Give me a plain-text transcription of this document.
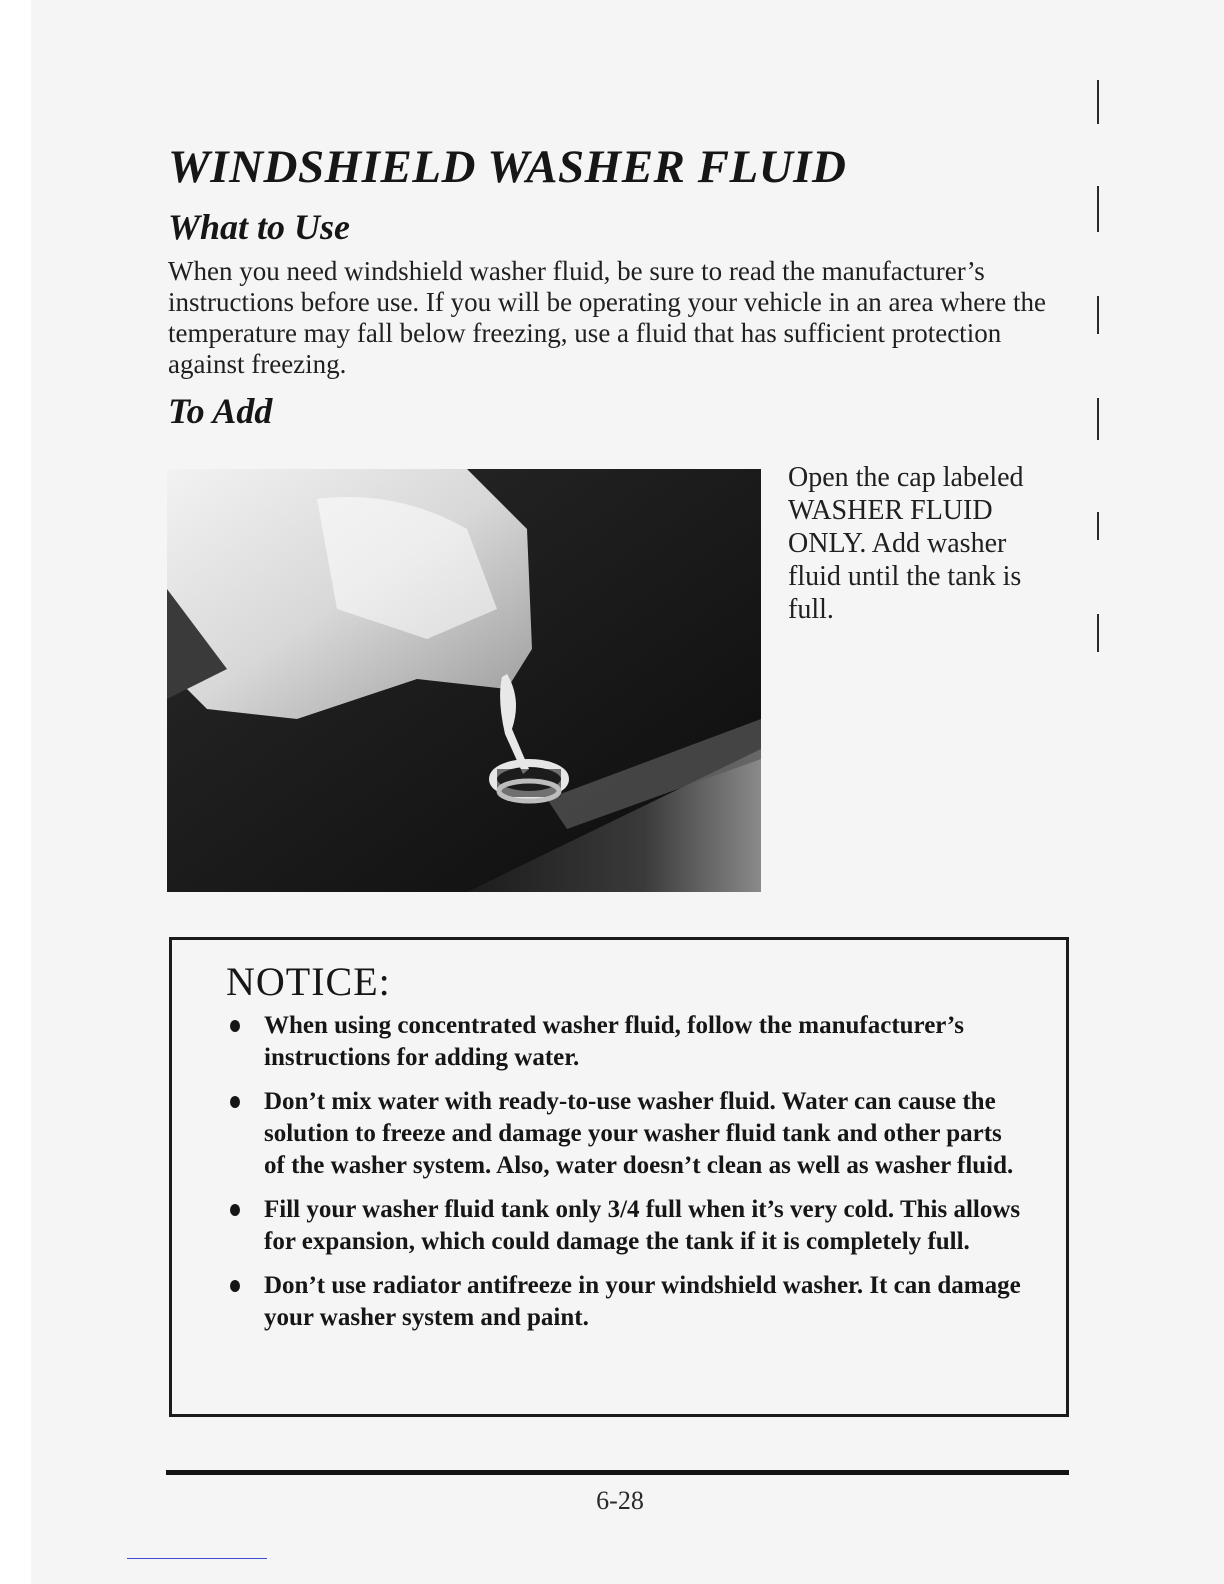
WINDSHIELD WASHER FLUID
What to Use

When you need windshield washer fluid, be sure to read the manufacturer’s instructions before use. If you will be operating your vehicle in an area where the temperature may fall below freezing, use a fluid that has sufficient protection against freezing.

To Add

Open the cap labeled WASHER FLUID ONLY. Add washer fluid until the tank is full.

NOTICE:
When using concentrated washer fluid, follow the manufacturer’s instructions for adding water.
Don’t mix water with ready-to-use washer fluid. Water can cause the solution to freeze and damage your washer fluid tank and other parts of the washer system. Also, water doesn’t clean as well as washer fluid.
Fill your washer fluid tank only 3/4 full when it’s very cold. This allows for expansion, which could damage the tank if it is completely full.
Don’t use radiator antifreeze in your windshield washer. It can damage your washer system and paint.
6-28
